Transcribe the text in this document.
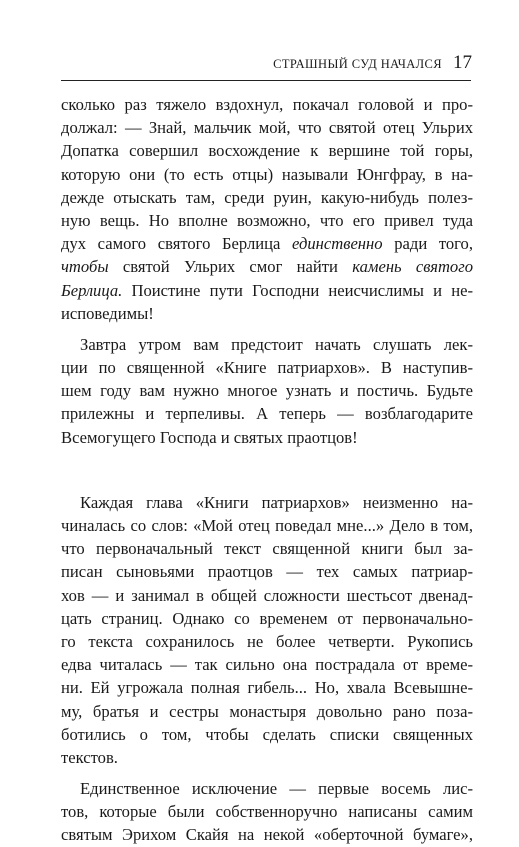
СТРАШНЫЙ СУД НАЧАЛСЯ 17
сколько раз тяжело вздохнул, покачал головой и про-
должал: — Знай, мальчик мой, что святой отец Ульрих
Допатка совершил восхождение к вершине той горы,
которую они (то есть отцы) называли Юнгфрау, в на-
дежде отыскать там, среди руин, какую-нибудь полез-
ную вещь. Но вполне возможно, что его привел туда
дух самого святого Берлица единственно ради того,
чтобы святой Ульрих смог найти камень святого
Берлица. Поистине пути Господни неисчислимы и не-
исповедимы!
Завтра утром вам предстоит начать слушать лек-
ции по священной «Книге патриархов». В наступив-
шем году вам нужно многое узнать и постичь. Будьте
прилежны и терпеливы. А теперь — возблагодарите
Всемогущего Господа и святых праотцов!
Каждая глава «Книги патриархов» неизменно на-
чиналась со слов: «Мой отец поведал мне...» Дело в том,
что первоначальный текст священной книги был за-
писан сыновьями праотцов — тех самых патриар-
хов — и занимал в общей сложности шестьсот двенад-
цать страниц. Однако со временем от первоначально-
го текста сохранилось не более четверти. Рукопись
едва читалась — так сильно она пострадала от време-
ни. Ей угрожала полная гибель... Но, хвала Всевышне-
му, братья и сестры монастыря довольно рано поза-
ботились о том, чтобы сделать списки священных
текстов.
Единственное исключение — первые восемь лис-
тов, которые были собственноручно написаны самим
святым Эрихом Скайя на некой «оберточной бумаге»,
